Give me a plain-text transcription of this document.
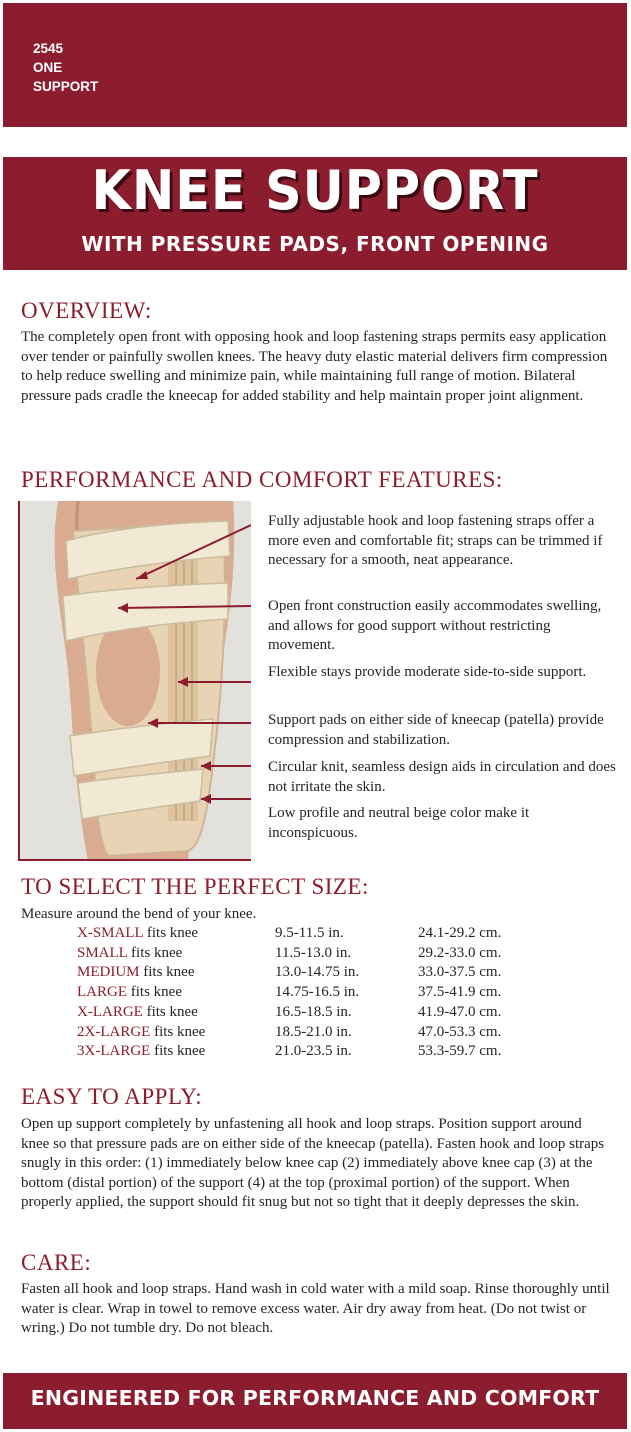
2545
ONE
SUPPORT
KNEE SUPPORT
WITH PRESSURE PADS, FRONT OPENING
OVERVIEW:
The completely open front with opposing hook and loop fastening straps permits easy application over tender or painfully swollen knees. The heavy duty elastic material delivers firm compression to help reduce swelling and minimize pain, while maintaining full range of motion. Bilateral pressure pads cradle the kneecap for added stability and help maintain proper joint alignment.
PERFORMANCE AND COMFORT FEATURES:
Fully adjustable hook and loop fastening straps offer a more even and comfortable fit; straps can be trimmed if necessary for a smooth, neat appearance.
Open front construction easily accommodates swelling, and allows for good support without restricting movement.
Flexible stays provide moderate side-to-side support.
Support pads on either side of kneecap (patella) provide compression and stabilization.
Circular knit, seamless design aids in circulation and does not irritate the skin.
Low profile and neutral beige color make it inconspicuous.
TO SELECT THE PERFECT SIZE:
Measure around the bend of your knee.
X-SMALL fits knee	9.5-11.5 in.	24.1-29.2 cm.
SMALL fits knee	11.5-13.0 in.	29.2-33.0 cm.
MEDIUM fits knee	13.0-14.75 in.	33.0-37.5 cm.
LARGE fits knee	14.75-16.5 in.	37.5-41.9 cm.
X-LARGE fits knee	16.5-18.5 in.	41.9-47.0 cm.
2X-LARGE fits knee	18.5-21.0 in.	47.0-53.3 cm.
3X-LARGE fits knee	21.0-23.5 in.	53.3-59.7 cm.
EASY TO APPLY:
Open up support completely by unfastening all hook and loop straps. Position support around knee so that pressure pads are on either side of the kneecap (patella). Fasten hook and loop straps snugly in this order: (1) immediately below knee cap (2) immediately above knee cap (3) at the bottom (distal portion) of the support (4) at the top (proximal portion) of the support. When properly applied, the support should fit snug but not so tight that it deeply depresses the skin.
CARE:
Fasten all hook and loop straps. Hand wash in cold water with a mild soap. Rinse thoroughly until water is clear. Wrap in towel to remove excess water. Air dry away from heat. (Do not twist or wring.) Do not tumble dry. Do not bleach.
ENGINEERED FOR PERFORMANCE AND COMFORT
